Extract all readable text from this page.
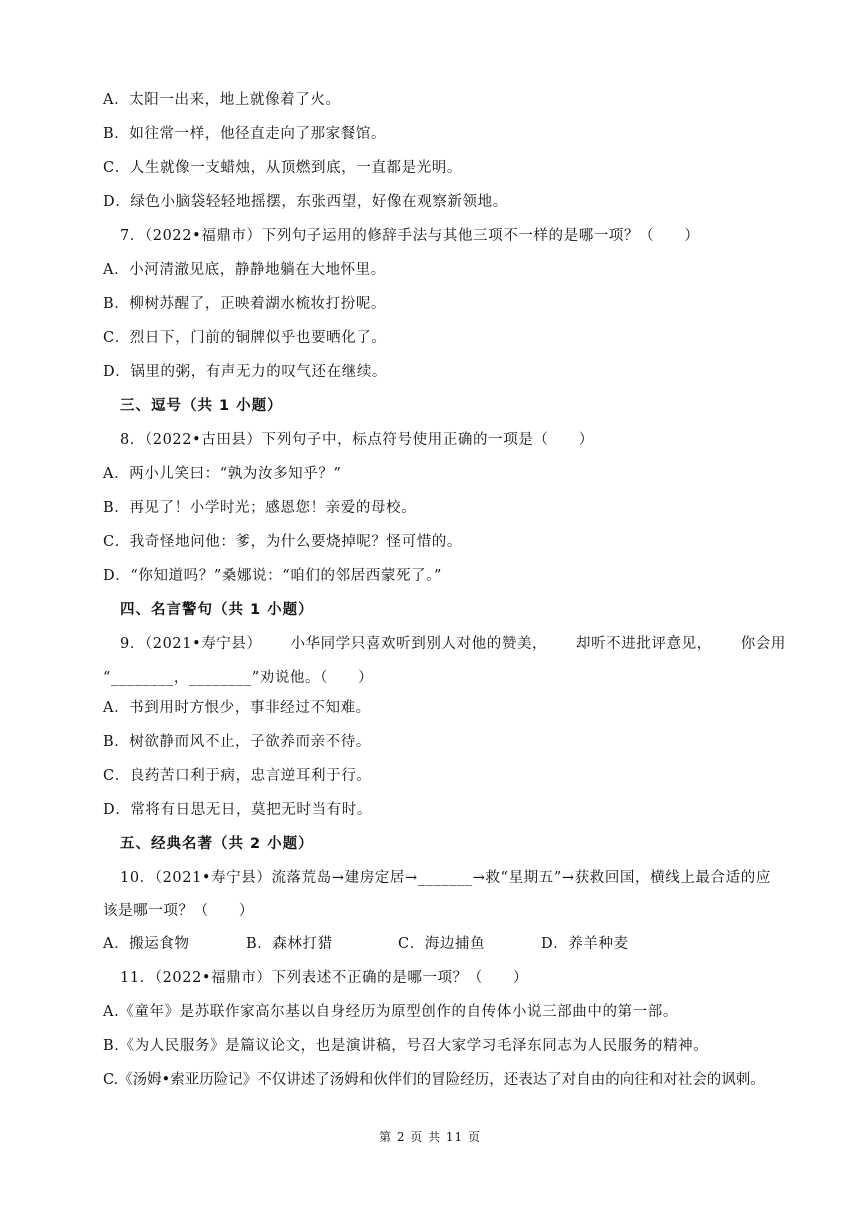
A．太阳一出来，地上就像着了火。
B．如往常一样，他径直走向了那家餐馆。
C．人生就像一支蜡烛，从顶燃到底，一直都是光明。
D．绿色小脑袋轻轻地摇摆，东张西望，好像在观察新领地。
7．（2022•福鼎市）下列句子运用的修辞手法与其他三项不一样的是哪一项？（　　）
A．小河清澈见底，静静地躺在大地怀里。
B．柳树苏醒了，正映着湖水梳妆打扮呢。
C．烈日下，门前的铜牌似乎也要晒化了。
D．锅里的粥，有声无力的叹气还在继续。
三、逗号（共 1 小题）
8．（2022•古田县）下列句子中，标点符号使用正确的一项是（　　）
A．两小儿笑曰：“孰为汝多知乎？”
B．再见了！小学时光；感恩您！亲爱的母校。
C．我奇怪地问他：爹，为什么要烧掉呢？怪可惜的。
D．“你知道吗？”桑娜说：“咱们的邻居西蒙死了。”
四、名言警句（共 1 小题）
9．（2021•寿宁县） 小华同学只喜欢听到别人对他的赞美， 却听不进批评意见， 你会用
“________，________”劝说他。（　　）
A．书到用时方恨少，事非经过不知难。
B．树欲静而风不止，子欲养而亲不待。
C．良药苦口利于病，忠言逆耳利于行。
D．常将有日思无日，莫把无时当有时。
五、经典名著（共 2 小题）
10．（2021•寿宁县）流落荒岛→建房定居→_______→救“星期五”→获救回国，横线上最合适的应
该是哪一项？（　　）
A．搬运食物	B．森林打猎	C．海边捕鱼	D．养羊种麦
11．（2022•福鼎市）下列表述不正确的是哪一项？（　　）
A.《童年》是苏联作家高尔基以自身经历为原型创作的自传体小说三部曲中的第一部。
B.《为人民服务》是篇议论文，也是演讲稿，号召大家学习毛泽东同志为人民服务的精神。
C.《汤姆•索亚历险记》不仅讲述了汤姆和伙伴们的冒险经历，还表达了对自由的向往和对社会的讽刺。
第 2 页 共 11 页
